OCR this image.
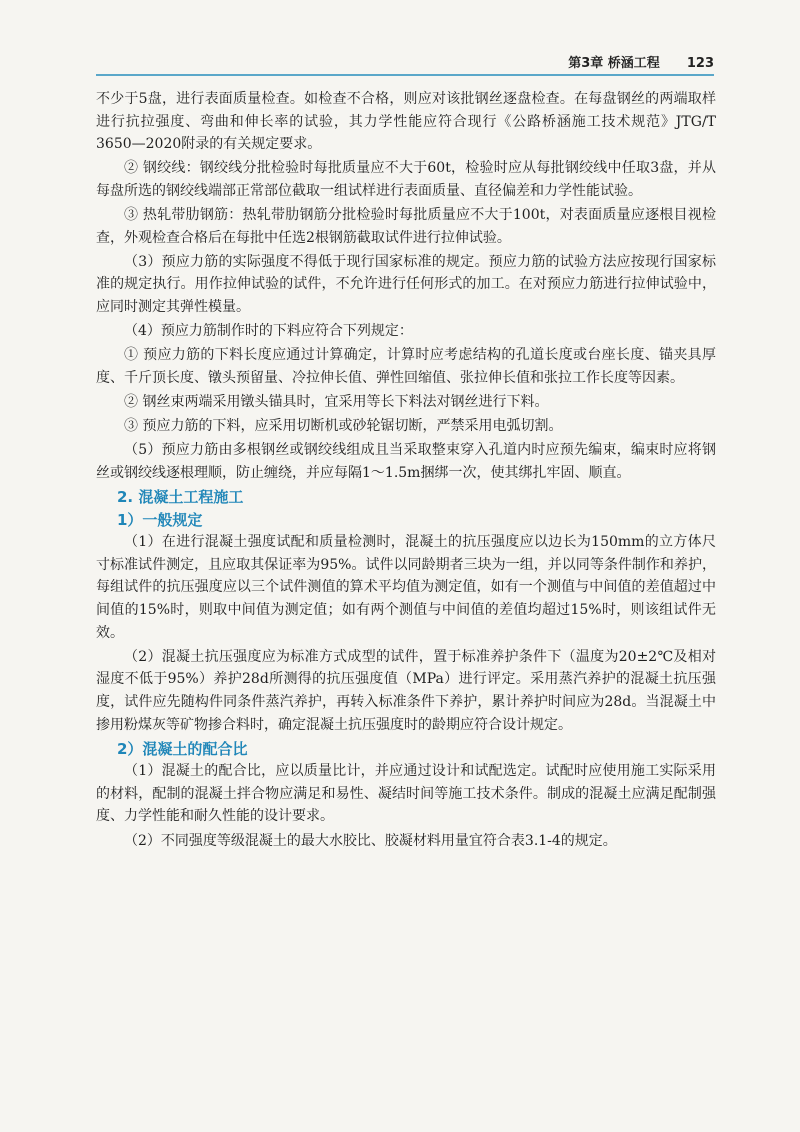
第3章 桥涵工程 123

不少于5盘，进行表面质量检查。如检查不合格，则应对该批钢丝逐盘检查。在每盘钢丝的两端取样进行抗拉强度、弯曲和伸长率的试验，其力学性能应符合现行《公路桥涵施工技术规范》JTG/T 3650—2020附录的有关规定要求。

② 钢绞线：钢绞线分批检验时每批质量应不大于60t，检验时应从每批钢绞线中任取3盘，并从每盘所选的钢绞线端部正常部位截取一组试样进行表面质量、直径偏差和力学性能试验。

③ 热轧带肋钢筋：热轧带肋钢筋分批检验时每批质量应不大于100t，对表面质量应逐根目视检查，外观检查合格后在每批中任选2根钢筋截取试件进行拉伸试验。

（3）预应力筋的实际强度不得低于现行国家标准的规定。预应力筋的试验方法应按现行国家标准的规定执行。用作拉伸试验的试件，不允许进行任何形式的加工。在对预应力筋进行拉伸试验中，应同时测定其弹性模量。

（4）预应力筋制作时的下料应符合下列规定：

① 预应力筋的下料长度应通过计算确定，计算时应考虑结构的孔道长度或台座长度、锚夹具厚度、千斤顶长度、镦头预留量、冷拉伸长值、弹性回缩值、张拉伸长值和张拉工作长度等因素。

② 钢丝束两端采用镦头锚具时，宜采用等长下料法对钢丝进行下料。

③ 预应力筋的下料，应采用切断机或砂轮锯切断，严禁采用电弧切割。

（5）预应力筋由多根钢丝或钢绞线组成且当采取整束穿入孔道内时应预先编束，编束时应将钢丝或钢绞线逐根理顺，防止缠绕，并应每隔1～1.5m捆绑一次，使其绑扎牢固、顺直。

2. 混凝土工程施工
1）一般规定

（1）在进行混凝土强度试配和质量检测时，混凝土的抗压强度应以边长为150mm的立方体尺寸标准试件测定，且应取其保证率为95%。试件以同龄期者三块为一组，并以同等条件制作和养护，每组试件的抗压强度应以三个试件测值的算术平均值为测定值，如有一个测值与中间值的差值超过中间值的15%时，则取中间值为测定值；如有两个测值与中间值的差值均超过15%时，则该组试件无效。

（2）混凝土抗压强度应为标准方式成型的试件，置于标准养护条件下（温度为20±2℃及相对湿度不低于95%）养护28d所测得的抗压强度值（MPa）进行评定。采用蒸汽养护的混凝土抗压强度，试件应先随构件同条件蒸汽养护，再转入标准条件下养护，累计养护时间应为28d。当混凝土中掺用粉煤灰等矿物掺合料时，确定混凝土抗压强度时的龄期应符合设计规定。

2）混凝土的配合比

（1）混凝土的配合比，应以质量比计，并应通过设计和试配选定。试配时应使用施工实际采用的材料，配制的混凝土拌合物应满足和易性、凝结时间等施工技术条件。制成的混凝土应满足配制强度、力学性能和耐久性能的设计要求。

（2）不同强度等级混凝土的最大水胶比、胶凝材料用量宜符合表3.1-4的规定。
